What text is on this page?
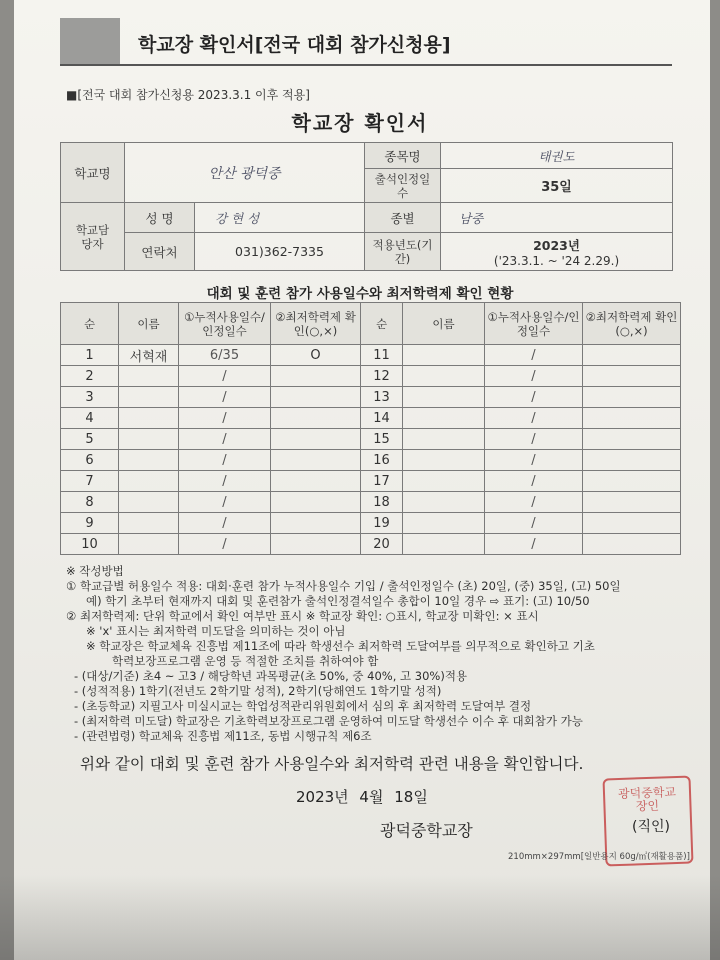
학교장 확인서[전국 대회 참가신청용]
■[전국 대회 참가신청용 2023.3.1 이후 적용]
학교장 확인서
학교명	안산 광덕중		종목명	태권도
			출석인정일수	35일
학교담당자	성 명	강 현 성	종별	남중
	연락처	031)362-7335	적용년도(기간)	2023년
('23.3.1. ~ '24 2.29.)
대회 및 훈련 참가 사용일수와 최저학력제 확인 현황
순	이름	①누적사용일수/인정일수	②최저학력제 확인(○,×)	순	이름	①누적사용일수/인정일수	②최저학력제 확인(○,×)
1	서혁재	6/35	O	11		/	
2		/		12		/	
3		/		13		/	
4		/		14		/	
5		/		15		/	
6		/		16		/	
7		/		17		/	
8		/		18		/	
9		/		19		/	
10		/		20		/	
※ 작성방법
① 학교급별 허용일수 적용: 대회·훈련 참가 누적사용일수 기입 / 출석인정일수 (초) 20일, (중) 35일, (고) 50일
예) 학기 초부터 현재까지 대회 및 훈련참가 출석인정결석일수 총합이 10일 경우 ⇨ 표기: (고) 10/50
② 최저학력제: 단위 학교에서 확인 여부만 표시 ※ 학교장 확인: ○표시, 학교장 미확인: × 표시
※ 'x' 표시는 최저학력 미도달을 의미하는 것이 아님
※ 학교장은 학교체육 진흥법 제11조에 따라 학생선수 최저학력 도달여부를 의무적으로 확인하고 기초
학력보장프로그램 운영 등 적절한 조치를 취하여야 함
- (대상/기준) 초4 ~ 고3 / 해당학년 과목평균(초 50%, 중 40%, 고 30%)적용
- (성적적용) 1학기(전년도 2학기말 성적), 2학기(당해연도 1학기말 성적)
- (초등학교) 지필고사 미실시교는 학업성적관리위원회에서 심의 후 최저학력 도달여부 결정
- (최저학력 미도달) 학교장은 기초학력보장프로그램 운영하여 미도달 학생선수 이수 후 대회참가 가능
- (관련법령) 학교체육 진흥법 제11조, 동법 시행규칙 제6조
위와 같이 대회 및 훈련 참가 사용일수와 최저학력 관련 내용을 확인합니다.
2023년 4월 18일
광덕중학교장
광덕중학교장인
(직인)
210mm×297mm[일반용지 60g/㎡(재활용품)]
